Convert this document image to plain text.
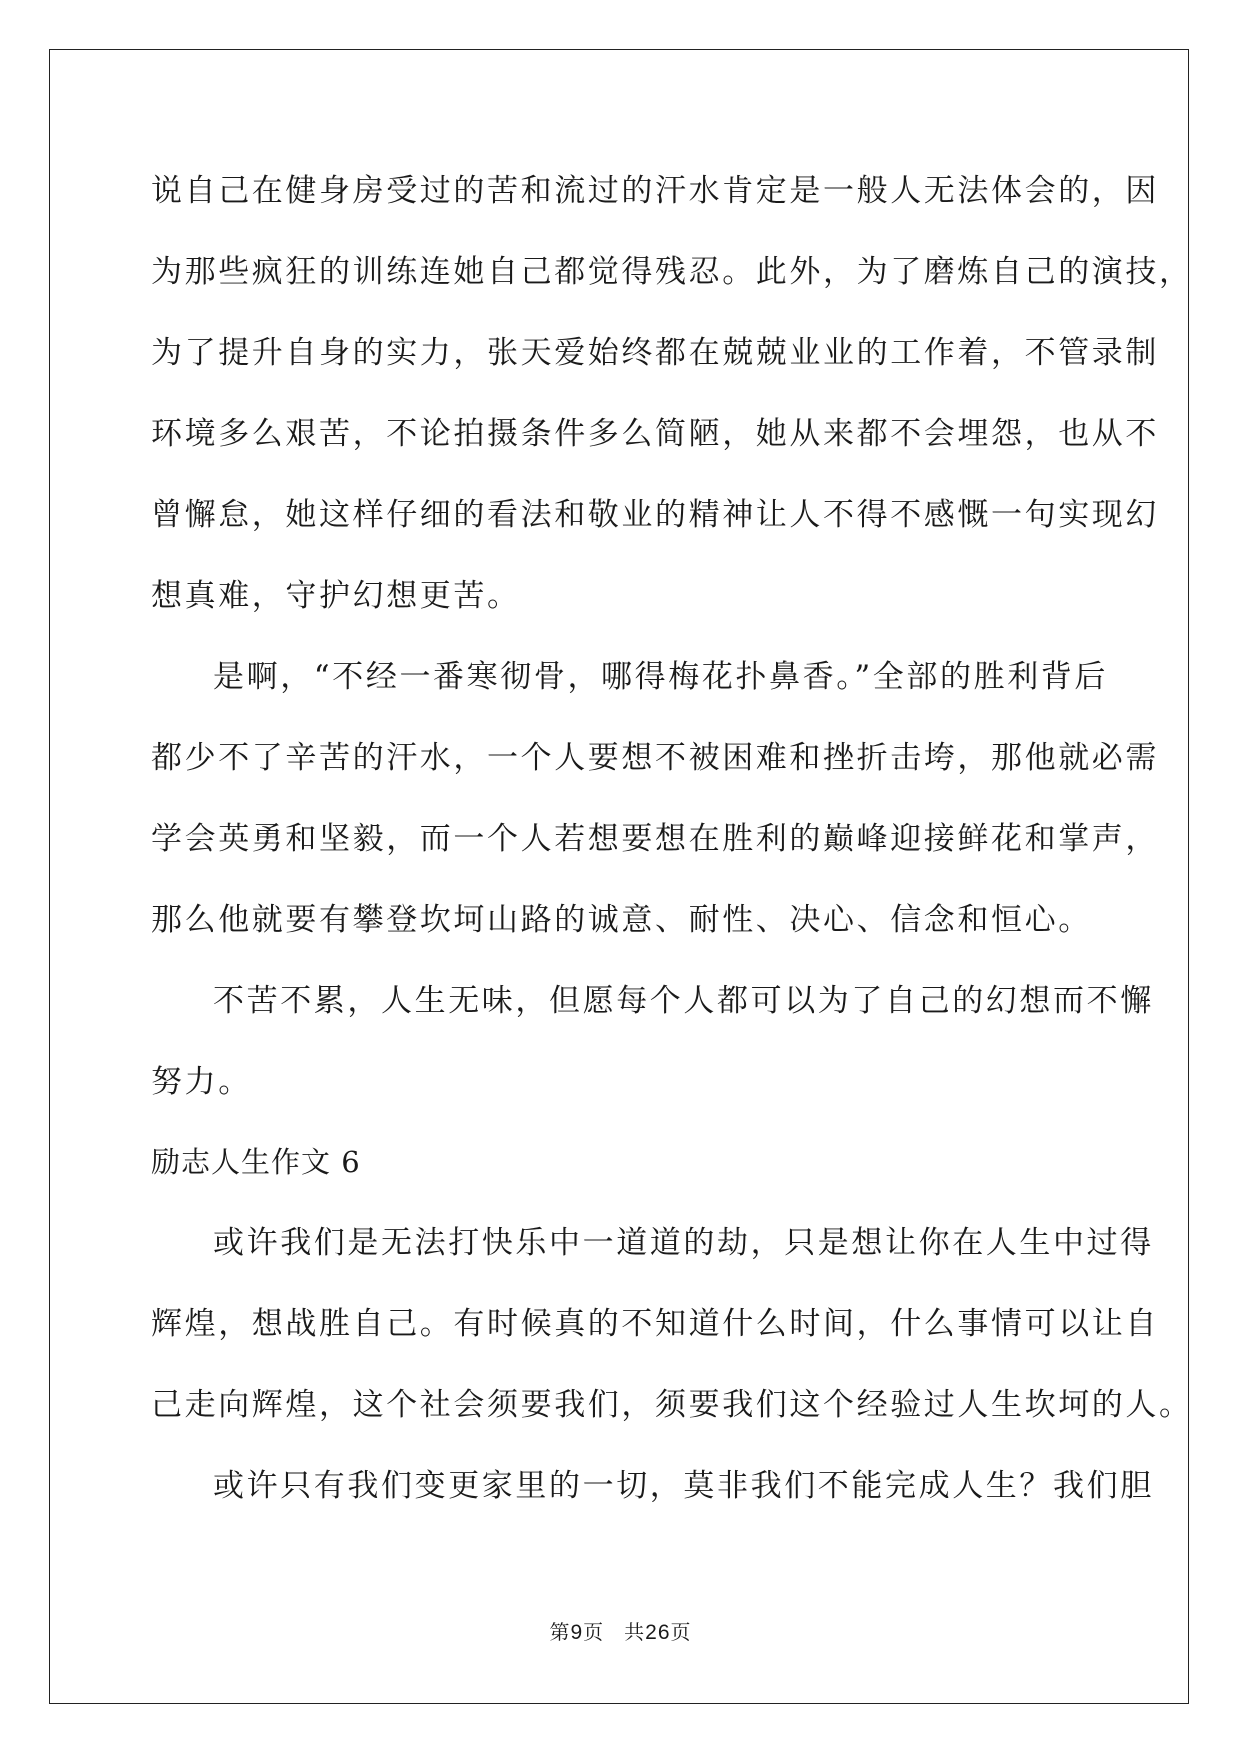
说自己在健身房受过的苦和流过的汗水肯定是一般人无法体会的，因
为那些疯狂的训练连她自己都觉得残忍。此外，为了磨炼自己的演技，
为了提升自身的实力，张天爱始终都在兢兢业业的工作着，不管录制
环境多么艰苦，不论拍摄条件多么简陋，她从来都不会埋怨，也从不
曾懈怠，她这样仔细的看法和敬业的精神让人不得不感慨一句实现幻
想真难，守护幻想更苦。
是啊，“不经一番寒彻骨，哪得梅花扑鼻香。”全部的胜利背后
都少不了辛苦的汗水，一个人要想不被困难和挫折击垮，那他就必需
学会英勇和坚毅，而一个人若想要想在胜利的巅峰迎接鲜花和掌声，
那么他就要有攀登坎坷山路的诚意、耐性、决心、信念和恒心。
不苦不累，人生无味，但愿每个人都可以为了自己的幻想而不懈
努力。
励志人生作文 6
或许我们是无法打快乐中一道道的劫，只是想让你在人生中过得
辉煌，想战胜自己。有时候真的不知道什么时间，什么事情可以让自
己走向辉煌，这个社会须要我们，须要我们这个经验过人生坎坷的人。
或许只有我们变更家里的一切，莫非我们不能完成人生？我们胆
第9页 共26页
